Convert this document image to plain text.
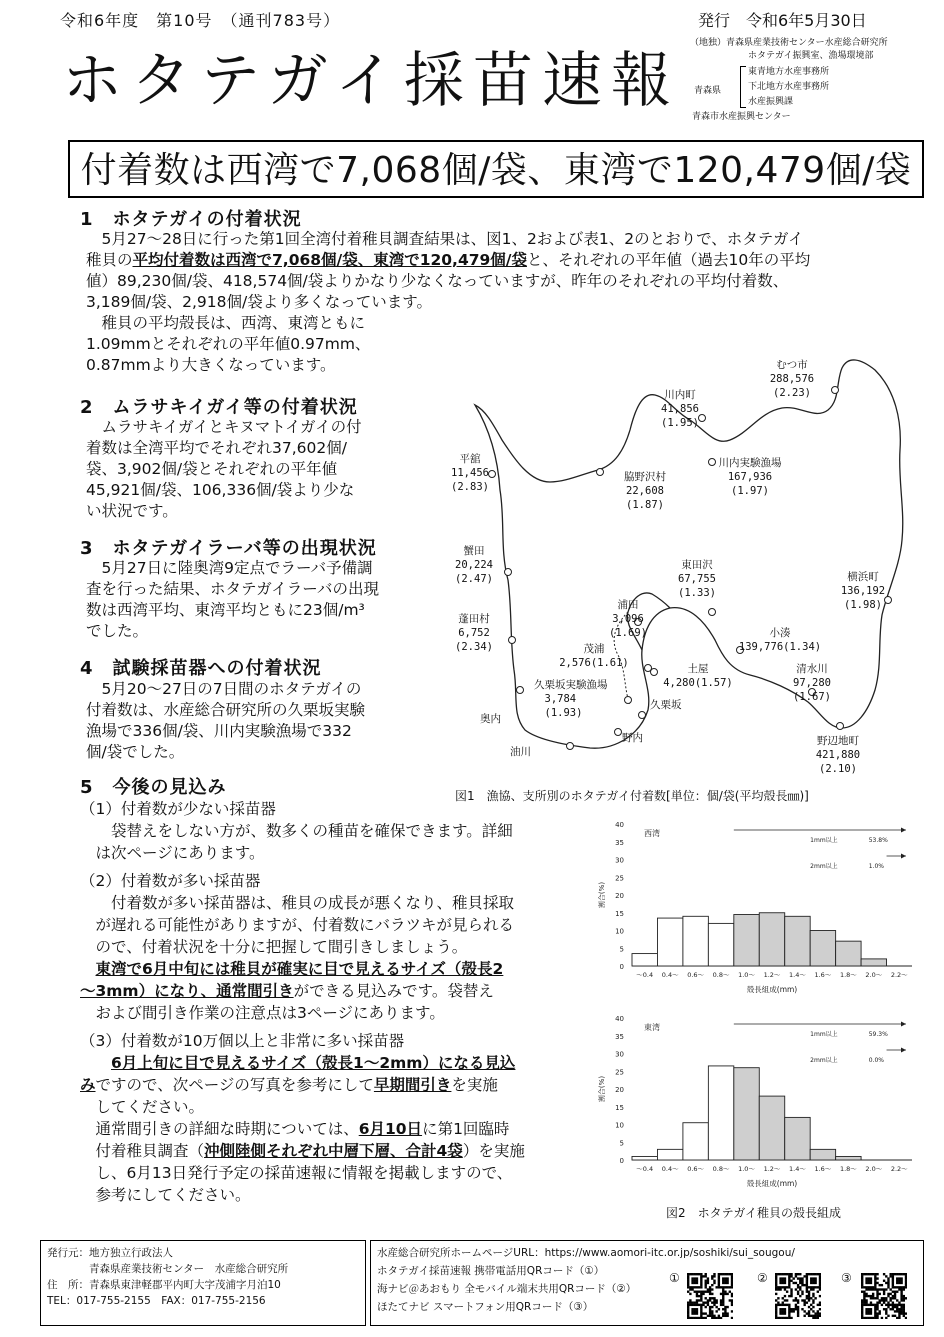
令和6年度　第10号　（通刊783号）	発行　令和6年5月30日
ホタテガイ採苗速報
（地独）青森県産業技術センター水産総合研究所
ホタテガイ振興室、漁場環境部
青森県
東青地方水産事務所
下北地方水産事務所
水産振興課
青森市水産振興センター
付着数は西湾で7,068個/袋、東湾で120,479個/袋
1　ホタテガイの付着状況
　5月27～28日に行った第1回全湾付着稚貝調査結果は、図1、2および表1、2のとおりで、ホタテガイ
稚貝の平均付着数は西湾で7,068個/袋、東湾で120,479個/袋と、それぞれの平年値（過去10年の平均
値）89,230個/袋、418,574個/袋よりかなり少なくなっていますが、昨年のそれぞれの平均付着数、
3,189個/袋、2,918個/袋より多くなっています。
　稚貝の平均殻長は、西湾、東湾ともに
1.09mmとそれぞれの平年値0.97mm、
0.87mmより大きくなっています。
2　ムラサキイガイ等の付着状況
　ムラサキイガイとキヌマトイガイの付
着数は全湾平均でそれぞれ37,602個/
袋、3,902個/袋とそれぞれの平年値
45,921個/袋、106,336個/袋より少な
い状況です。
3　ホタテガイラーバ等の出現状況
　5月27日に陸奥湾9定点でラーバ予備調
査を行った結果、ホタテガイラーバの出現
数は西湾平均、東湾平均ともに23個/m³
でした。
4　試験採苗器への付着状況
　5月20～27日の7日間のホタテガイの
付着数は、水産総合研究所の久栗坂実験
漁場で336個/袋、川内実験漁場で332
個/袋でした。
5　今後の見込み
（1）付着数が少ない採苗器
　　袋替えをしない方が、数多くの種苗を確保できます。詳細
　は次ページにあります。
（2）付着数が多い採苗器
　　付着数が多い採苗器は、稚貝の成長が悪くなり、稚貝採取
　が遅れる可能性がありますが、付着数にバラツキが見られる
　ので、付着状況を十分に把握して間引きしましょう。
　東湾で6月中旬には稚貝が確実に目で見えるサイズ（殻長2
～3mm）になり、通常間引きができる見込みです。袋替え
　および間引き作業の注意点は3ページにあります。
（3）付着数が10万個以上と非常に多い採苗器
　　6月上旬に目で見えるサイズ（殻長1～2mm）になる見込
みですので、次ページの写真を参考にして早期間引きを実施
　してください。
　通常間引きの詳細な時期については、6月10日に第1回臨時
　付着稚貝調査（沖側陸側それぞれ中層下層、合計4袋）を実施
　し、6月13日発行予定の採苗速報に情報を掲載しますので、
　参考にしてください。
むつ市
288,576
(2.23)
川内町
41,856
(1.95)
平舘
11,456
(2.83)
脇野沢村
22,608
(1.87)
川内実験漁場
167,936
(1.97)
蟹田
20,224
(2.47)
東田沢
67,755
(1.33)
横浜町
136,192
(1.98)
浦田
3,096
(1.69)
蓬田村
6,752
(2.34)
小湊
139,776(1.34)
茂浦
2,576(1.61)	土屋
4,280(1.57)
清水川
97,280
(1.67)
久栗坂実験漁場
　3,784
　(1.93)
野辺地町
421,880
(2.10)
久栗坂
奥内
野内
油川
図1　漁協、支所別のホタテガイ付着数[単位：個/袋(平均殻長㎜)]
0
5
10
15
20
25
30
35
40
割合(%)
～0.4 0.4～ 0.6～ 0.8～ 1.0～ 1.2～ 1.4～ 1.6～ 1.8～ 2.0～ 2.2～
殻長組成(mm)
西湾
1mm以上	53.8%
2mm以上	1.0%
0
5
10
15
20
25
30
35
40
割合(%)
～0.4 0.4～ 0.6～ 0.8～ 1.0～ 1.2～ 1.4～ 1.6～ 1.8～ 2.0～ 2.2～
殻長組成(mm)
東湾
1mm以上	59.3%
2mm以上	0.0%
図2　ホタテガイ稚貝の殻長組成
発行元：地方独立行政法人
　　　　青森県産業技術センター　水産総合研究所
住　所：青森県東津軽郡平内町大字茂浦字月泊10
TEL：017-755-2155　FAX：017-755-2156
水産総合研究所ホームページURL：https://www.aomori-itc.or.jp/soshiki/sui_sougou/
ホタテガイ採苗速報 携帯電話用QRコード（①）
海ナビ＠あおもり 全モバイル端末共用QRコード（②）
ほたてナビ スマートフォン用QRコード（③）
①	②	③
